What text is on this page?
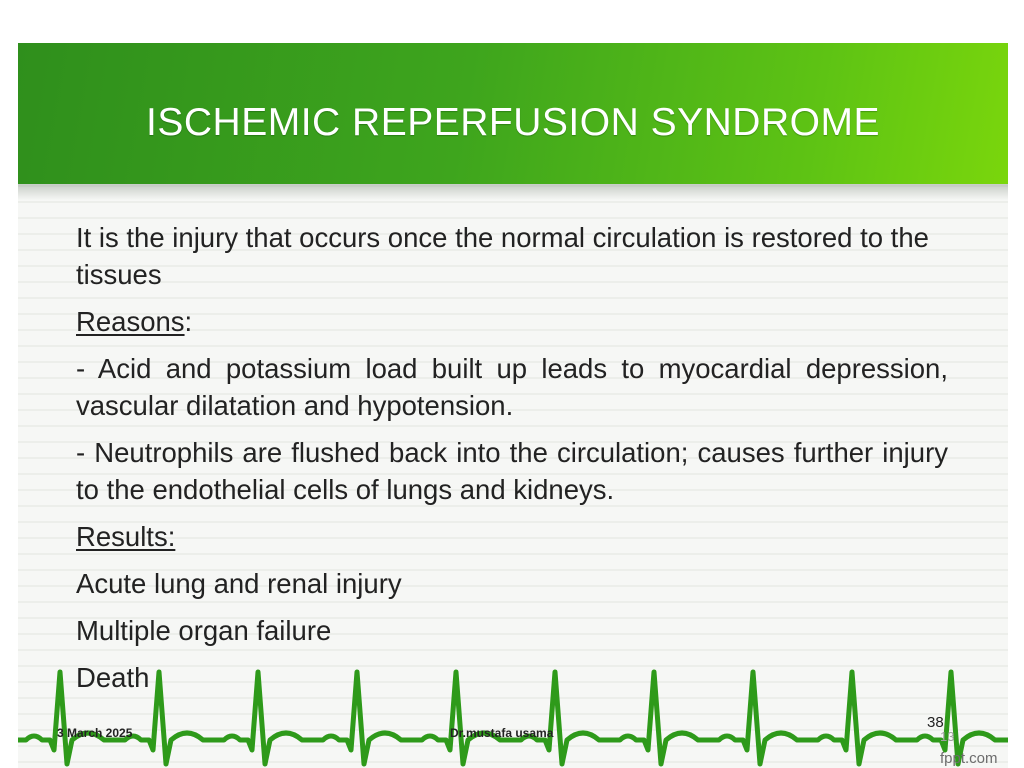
ISCHEMIC REPERFUSION SYNDROME

It is the injury that occurs once the normal circulation is restored to the tissues

Reasons:

- Acid and potassium load built up leads to myocardial depression, vascular dilatation and hypotension.

- Neutrophils are flushed back into the circulation; causes further injury to the endothelial cells of lungs and kidneys.

Results:

Acute lung and renal injury

Multiple organ failure

Death

13
fppt.com
38
3 March 2025	Dr.mustafa usama
